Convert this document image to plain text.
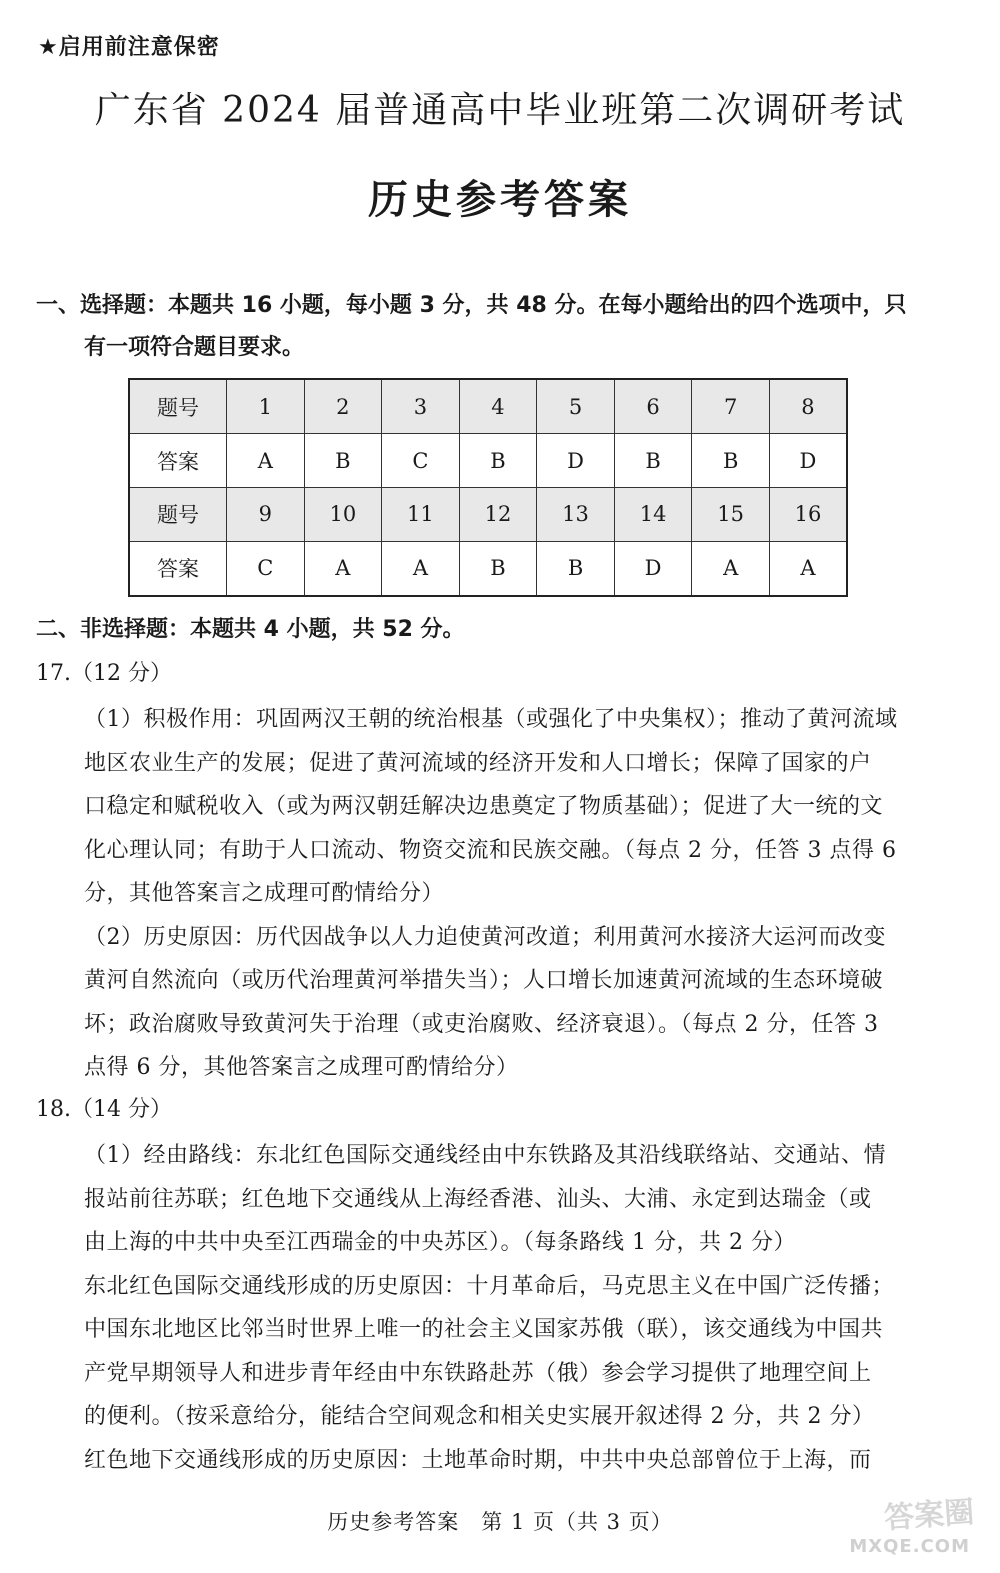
★启用前注意保密
广东省 2024 届普通高中毕业班第二次调研考试
历史参考答案
一、选择题：本题共 16 小题，每小题 3 分，共 48 分。在每小题给出的四个选项中，只
有一项符合题目要求。
题号	1	2	3	4	5	6	7	8
答案	A	B	C	B	D	B	B	D
题号	9	10	11	12	13	14	15	16
答案	C	A	A	B	B	D	A	A
二、非选择题：本题共 4 小题，共 52 分。
17.（12 分）
（1）积极作用：巩固两汉王朝的统治根基（或强化了中央集权）；推动了黄河流域
地区农业生产的发展；促进了黄河流域的经济开发和人口增长；保障了国家的户
口稳定和赋税收入（或为两汉朝廷解决边患奠定了物质基础）；促进了大一统的文
化心理认同；有助于人口流动、物资交流和民族交融。（每点 2 分，任答 3 点得 6
分，其他答案言之成理可酌情给分）
（2）历史原因：历代因战争以人力迫使黄河改道；利用黄河水接济大运河而改变
黄河自然流向（或历代治理黄河举措失当）；人口增长加速黄河流域的生态环境破
坏；政治腐败导致黄河失于治理（或吏治腐败、经济衰退）。（每点 2 分，任答 3
点得 6 分，其他答案言之成理可酌情给分）
18.（14 分）
（1）经由路线：东北红色国际交通线经由中东铁路及其沿线联络站、交通站、情
报站前往苏联；红色地下交通线从上海经香港、汕头、大浦、永定到达瑞金（或
由上海的中共中央至江西瑞金的中央苏区）。（每条路线 1 分，共 2 分）
东北红色国际交通线形成的历史原因：十月革命后，马克思主义在中国广泛传播；
中国东北地区比邻当时世界上唯一的社会主义国家苏俄（联），该交通线为中国共
产党早期领导人和进步青年经由中东铁路赴苏（俄）参会学习提供了地理空间上
的便利。（按采意给分，能结合空间观念和相关史实展开叙述得 2 分，共 2 分）
红色地下交通线形成的历史原因：土地革命时期，中共中央总部曾位于上海，而
历史参考答案　第 1 页（共 3 页）	答案圈
MXQE.COM
